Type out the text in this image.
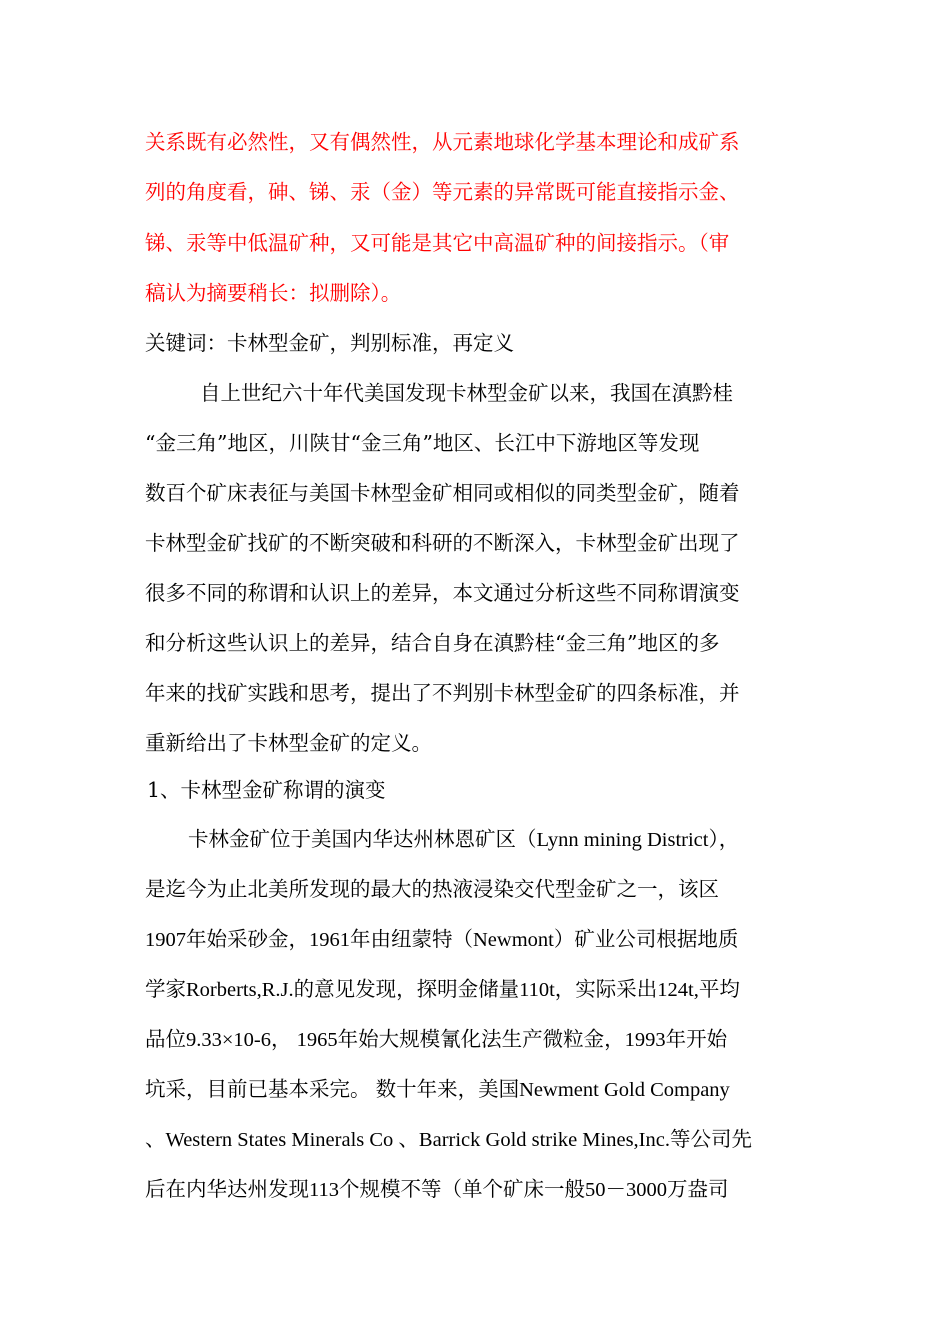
关系既有必然性，又有偶然性，从元素地球化学基本理论和成矿系
列的角度看，砷、锑、汞（金）等元素的异常既可能直接指示金、
锑、汞等中低温矿种，又可能是其它中高温矿种的间接指示。（审
稿认为摘要稍长：拟删除）。
关键词：卡林型金矿，判别标准，再定义
自上世纪六十年代美国发现卡林型金矿以来，我国在滇黔桂
“金三角”地区，川陕甘“金三角”地区、长江中下游地区等发现
数百个矿床表征与美国卡林型金矿相同或相似的同类型金矿，随着
卡林型金矿找矿的不断突破和科研的不断深入，卡林型金矿出现了
很多不同的称谓和认识上的差异，本文通过分析这些不同称谓演变
和分析这些认识上的差异，结合自身在滇黔桂“金三角”地区的多
年来的找矿实践和思考，提出了不判别卡林型金矿的四条标准，并
重新给出了卡林型金矿的定义。
1、卡林型金矿称谓的演变
卡林金矿位于美国内华达州林恩矿区（Lynn mining District），
是迄今为止北美所发现的最大的热液浸染交代型金矿之一，该区
1907年始采砂金，1961年由纽蒙特（Newmont）矿业公司根据地质
学家Rorberts,R.J.的意见发现，探明金储量110t，实际采出124t,平均
品位9.33×10-6， 1965年始大规模氰化法生产微粒金，1993年开始
坑采，目前已基本采完。 数十年来，美国Newment Gold Company
、Western States Minerals Co 、Barrick Gold strike Mines,Inc.等公司先
后在内华达州发现113个规模不等（单个矿床一般50－3000万盎司
